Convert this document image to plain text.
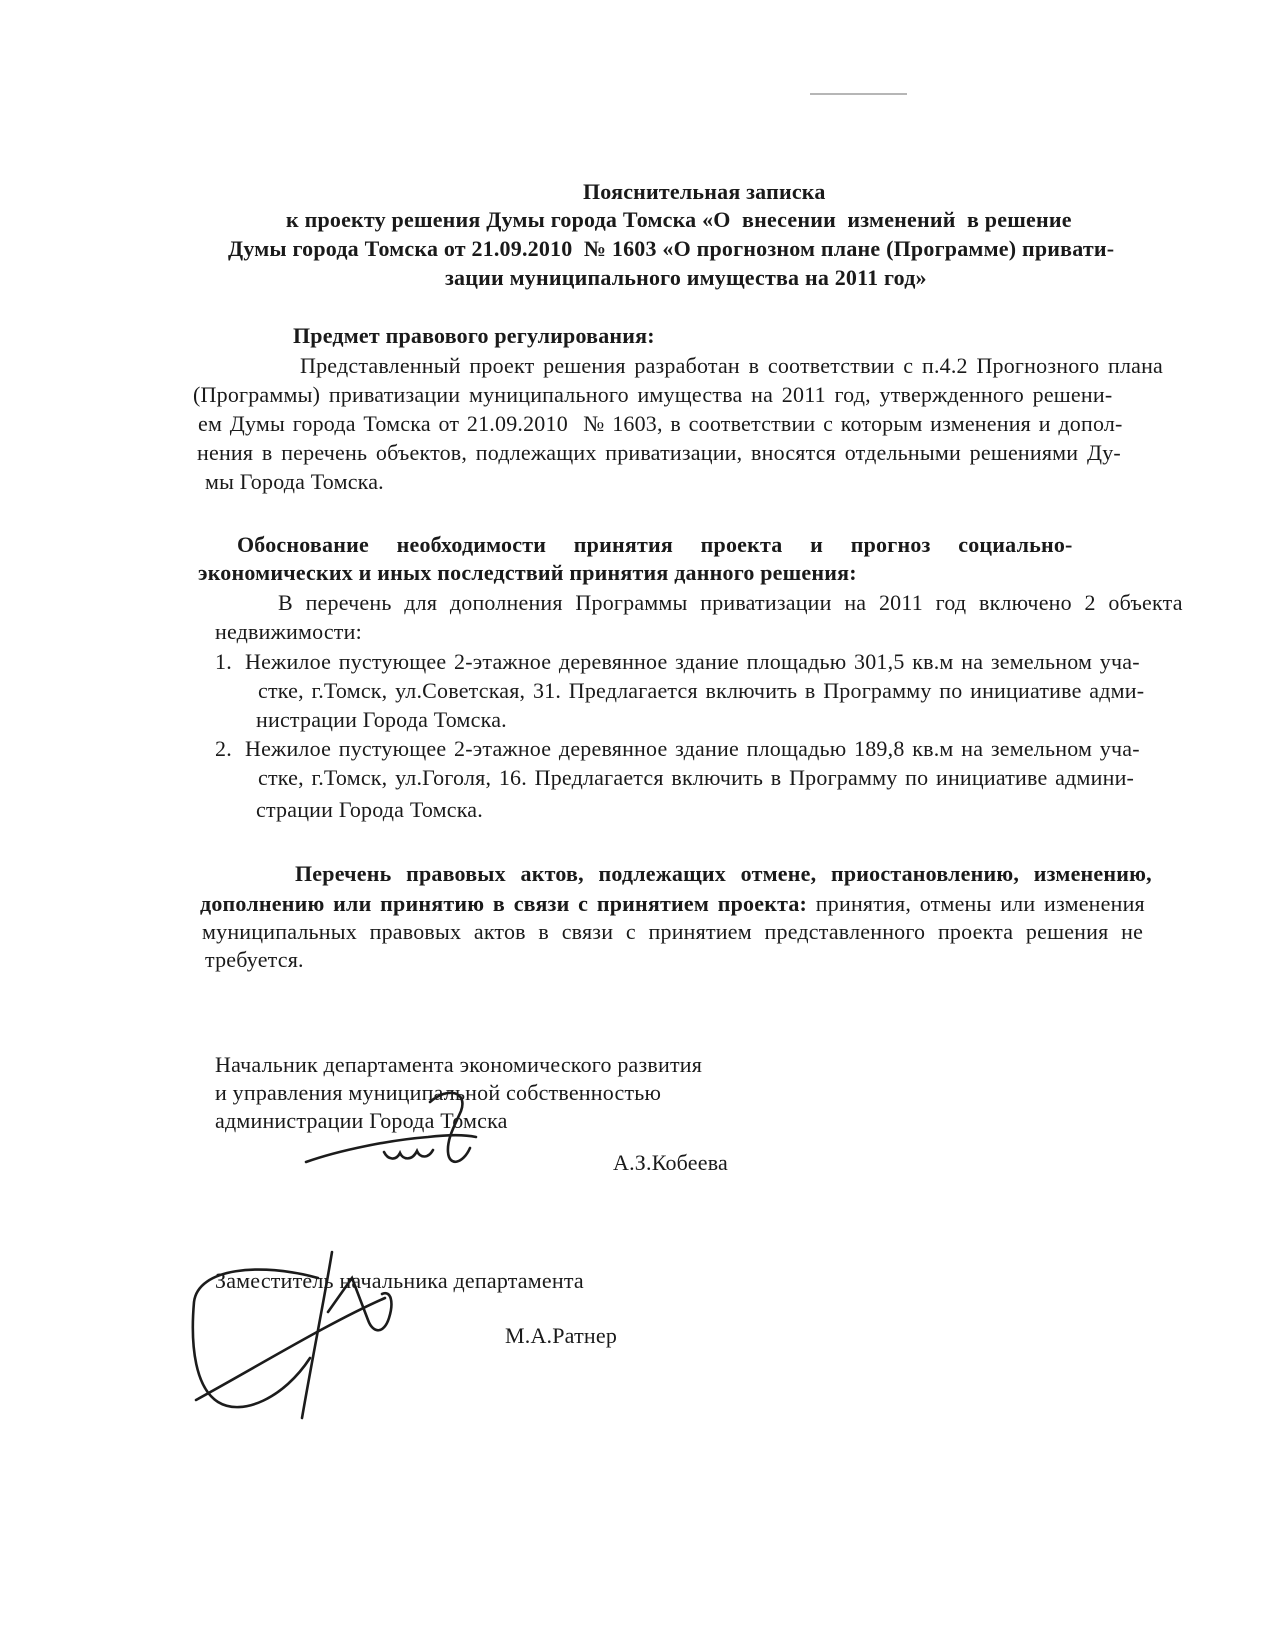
Пояснительная записка
к проекту решения Думы города Томска «О  внесении  изменений  в решение
Думы города Томска от 21.09.2010  № 1603 «О прогнозном плане (Программе) привати-
зации муниципального имущества на 2011 год»
Предмет правового регулирования:
Представленный проект решения разработан в соответствии с п.4.2 Прогнозного плана
(Программы) приватизации муниципального имущества на 2011 год, утвержденного решени-
ем Думы города Томска от 21.09.2010  № 1603, в соответствии с которым изменения и допол-
нения в перечень объектов, подлежащих приватизации, вносятся отдельными решениями Ду-
мы Города Томска.
Обоснование необходимости принятия проекта и прогноз социально-
экономических и иных последствий принятия данного решения:
В перечень для дополнения Программы приватизации на 2011 год включено 2 объекта
недвижимости:
1. Нежилое пустующее 2-этажное деревянное здание площадью 301,5 кв.м на земельном уча-
стке, г.Томск, ул.Советская, 31. Предлагается включить в Программу по инициативе адми-
нистрации Города Томска.
2. Нежилое пустующее 2-этажное деревянное здание площадью 189,8 кв.м на земельном уча-
стке, г.Томск, ул.Гоголя, 16. Предлагается включить в Программу по инициативе админи-
страции Города Томска.
Перечень правовых актов, подлежащих отмене, приостановлению, изменению,
дополнению или принятию в связи с принятием проекта: принятия, отмены или изменения
муниципальных правовых актов в связи с принятием представленного проекта решения не
требуется.
Начальник департамента экономического развития
и управления муниципальной собственностью
администрации Города Томска
А.З.Кобеева
Заместитель начальника департамента
М.А.Ратнер
